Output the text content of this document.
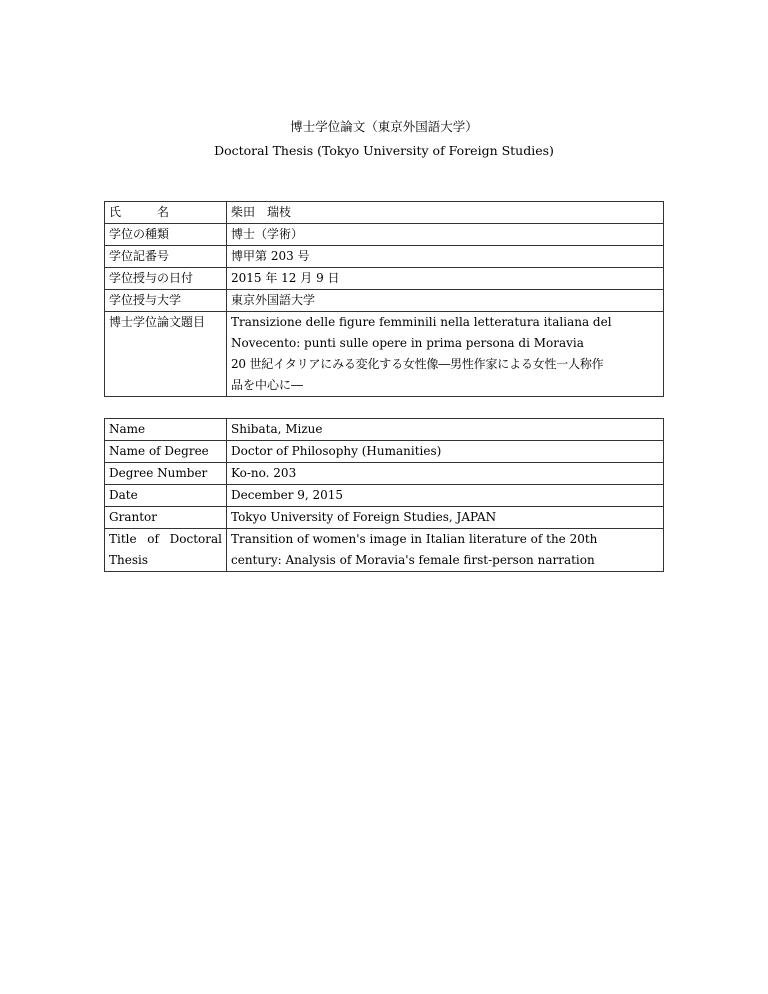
博士学位論文（東京外国語大学）
Doctoral Thesis (Tokyo University of Foreign Studies)
氏　　　名	柴田　瑞枝
学位の種類	博士（学術）
学位記番号	博甲第 203 号
学位授与の日付	2015 年 12 月 9 日
学位授与大学	東京外国語大学
博士学位論文題目	Transizione delle figure femminili nella letteratura italiana del
Novecento: punti sulle opere in prima persona di Moravia
20 世紀イタリアにみる変化する女性像―男性作家による女性一人称作
品を中心に―
Name	Shibata, Mizue
Name of Degree	Doctor of Philosophy (Humanities)
Degree Number	Ko-no. 203
Date	December 9, 2015
Grantor	Tokyo University of Foreign Studies, JAPAN
Title of Doctoral Thesis	Transition of women's image in Italian literature of the 20th
century: Analysis of Moravia's female first-person narration
